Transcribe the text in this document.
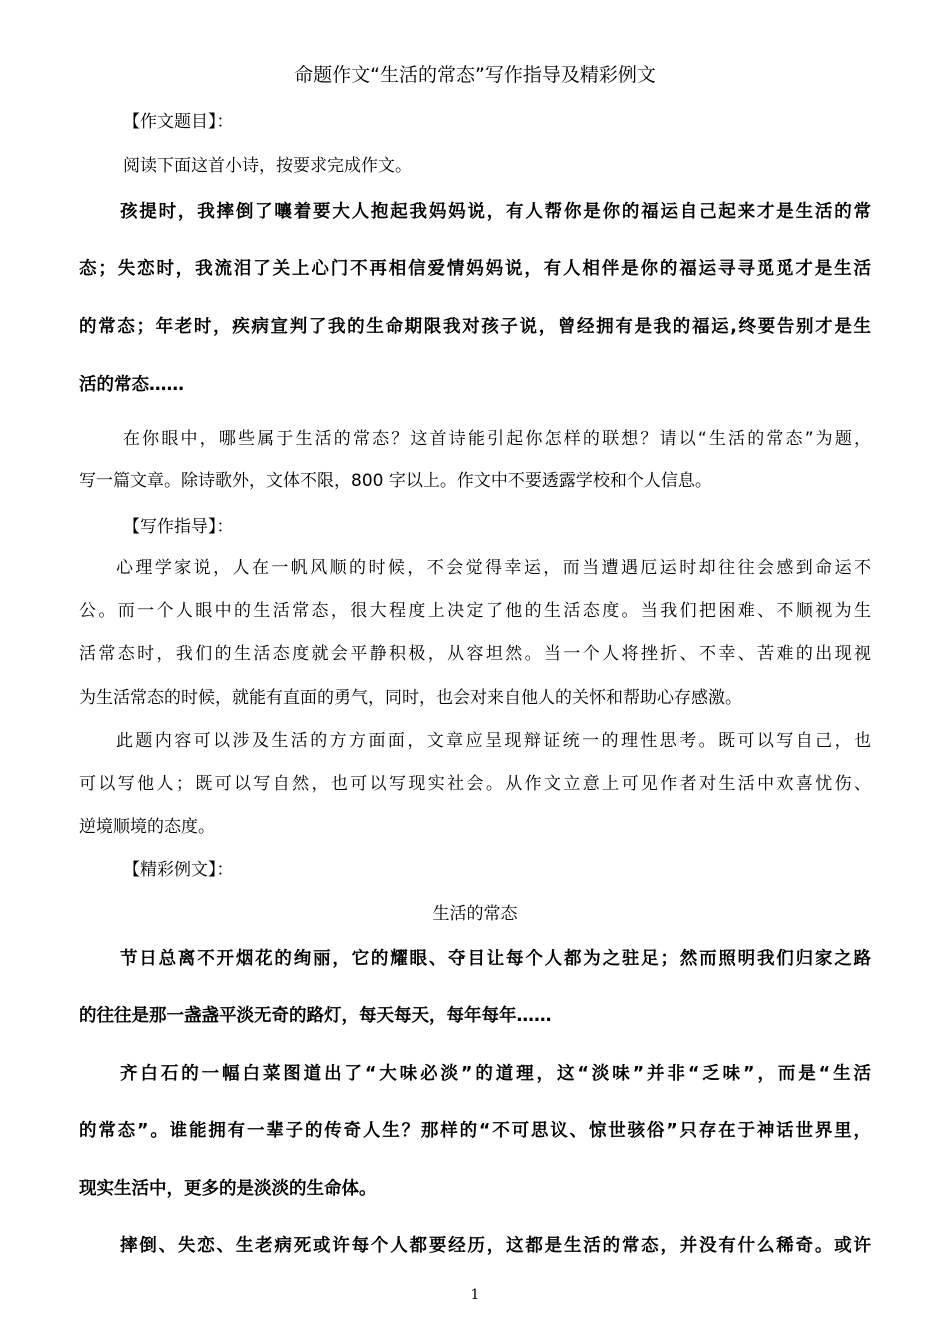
命题作文“生活的常态”写作指导及精彩例文
【作文题目】：
阅读下面这首小诗，按要求完成作文。
孩提时，我摔倒了嚷着要大人抱起我妈妈说，有人帮你是你的福运自己起来才是生活的常
态；失恋时，我流泪了关上心门不再相信爱情妈妈说，有人相伴是你的福运寻寻觅觅才是生活
的常态；年老时，疾病宣判了我的生命期限我对孩子说，曾经拥有是我的福运,终要告别才是生
活的常态……
在你眼中，哪些属于生活的常态？这首诗能引起你怎样的联想？请以“生活的常态”为题，
写一篇文章。除诗歌外，文体不限，800 字以上。作文中不要透露学校和个人信息。
【写作指导】：
心理学家说，人在一帆风顺的时候，不会觉得幸运，而当遭遇厄运时却往往会感到命运不
公。而一个人眼中的生活常态，很大程度上决定了他的生活态度。当我们把困难、不顺视为生
活常态时，我们的生活态度就会平静积极，从容坦然。当一个人将挫折、不幸、苦难的出现视
为生活常态的时候，就能有直面的勇气，同时，也会对来自他人的关怀和帮助心存感激。
此题内容可以涉及生活的方方面面，文章应呈现辩证统一的理性思考。既可以写自己，也
可以写他人；既可以写自然，也可以写现实社会。从作文立意上可见作者对生活中欢喜忧伤、
逆境顺境的态度。
【精彩例文】：
生活的常态
节日总离不开烟花的绚丽，它的耀眼、夺目让每个人都为之驻足；然而照明我们归家之路
的往往是那一盏盏平淡无奇的路灯，每天每天，每年每年……
齐白石的一幅白菜图道出了“大味必淡”的道理，这“淡味”并非“乏味”，而是“生活
的常态”。谁能拥有一辈子的传奇人生？那样的“不可思议、惊世骇俗”只存在于神话世界里，
现实生活中，更多的是淡淡的生命体。
摔倒、失恋、生老病死或许每个人都要经历，这都是生活的常态，并没有什么稀奇。或许
1
